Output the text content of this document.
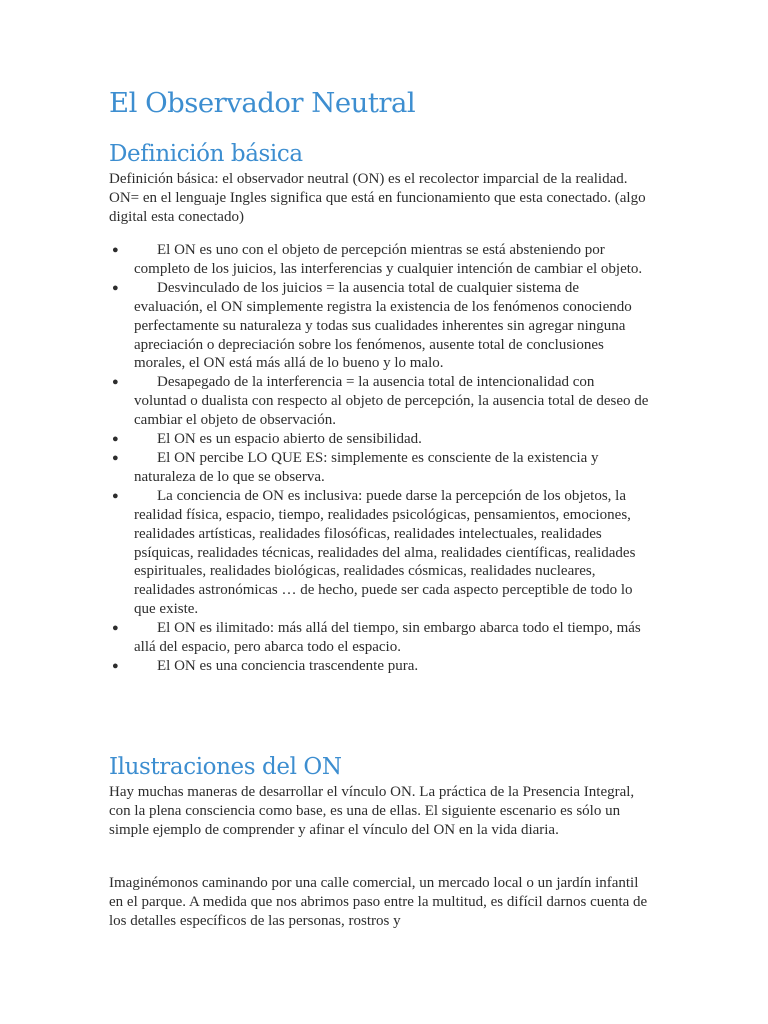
El Observador Neutral
Definición básica

Definición básica: el observador neutral (ON) es el recolector imparcial de la realidad. ON= en el lenguaje Ingles significa que está en funcionamiento que esta conectado. (algo digital esta conectado)

●	El ON es uno con el objeto de percepción mientras se está absteniendo por completo de los juicios, las interferencias y cualquier intención de cambiar el objeto.
●	Desvinculado de los juicios = la ausencia total de cualquier sistema de evaluación, el ON simplemente registra la existencia de los fenómenos conociendo perfectamente su naturaleza y todas sus cualidades inherentes sin agregar ninguna apreciación o depreciación sobre los fenómenos, ausente total de conclusiones morales, el ON está más allá de lo bueno y lo malo.
●	Desapegado de la interferencia = la ausencia total de intencionalidad con voluntad o dualista con respecto al objeto de percepción, la ausencia total de deseo de cambiar el objeto de observación.
●	El ON es un espacio abierto de sensibilidad.
●	El ON percibe LO QUE ES: simplemente es consciente de la existencia y naturaleza de lo que se observa.
●	La conciencia de ON es inclusiva: puede darse la percepción de los objetos, la realidad física, espacio, tiempo, realidades psicológicas, pensamientos, emociones, realidades artísticas, realidades filosóficas, realidades intelectuales, realidades psíquicas, realidades técnicas, realidades del alma, realidades científicas, realidades espirituales, realidades biológicas, realidades cósmicas, realidades nucleares, realidades astronómicas … de hecho, puede ser cada aspecto perceptible de todo lo que existe.
●	El ON es ilimitado: más allá del tiempo, sin embargo abarca todo el tiempo, más allá del espacio, pero abarca todo el espacio.
●	El ON es una conciencia trascendente pura.
Ilustraciones del ON

Hay muchas maneras de desarrollar el vínculo ON. La práctica de la Presencia Integral, con la plena consciencia como base, es una de ellas. El siguiente escenario es sólo un simple ejemplo de comprender y afinar el vínculo del ON en la vida diaria.

Imaginémonos caminando por una calle comercial, un mercado local o un jardín infantil en el parque. A medida que nos abrimos paso entre la multitud, es difícil darnos cuenta de los detalles específicos de las personas, rostros y
